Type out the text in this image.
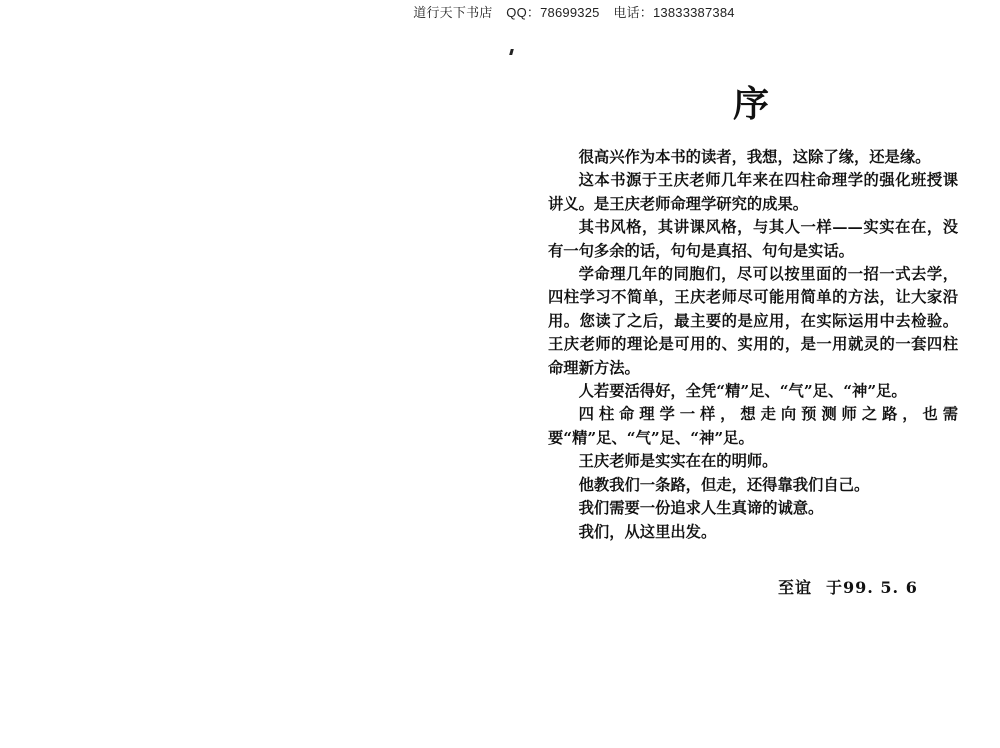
道行天下书店 QQ：78699325 电话：13833387384
序

很高兴作为本书的读者，我想，这除了缘，还是缘。

这本书源于王庆老师几年来在四柱命理学的强化班授课讲义。是王庆老师命理学研究的成果。

其书风格，其讲课风格，与其人一样——实实在在，没有一句多余的话，句句是真招、句句是实话。

学命理几年的同胞们，尽可以按里面的一招一式去学，四柱学习不简单，王庆老师尽可能用简单的方法，让大家沿用。您读了之后，最主要的是应用，在实际运用中去检验。王庆老师的理论是可用的、实用的，是一用就灵的一套四柱命理新方法。

人若要活得好，全凭“精”足、“气”足、“神”足。

四柱命理学一样，想走向预测师之路，也需要“精”足、“气”足、“神”足。

王庆老师是实实在在的明师。

他教我们一条路，但走，还得靠我们自己。

我们需要一份追求人生真谛的诚意。

我们，从这里出发。

至谊 于99. 5. 6
